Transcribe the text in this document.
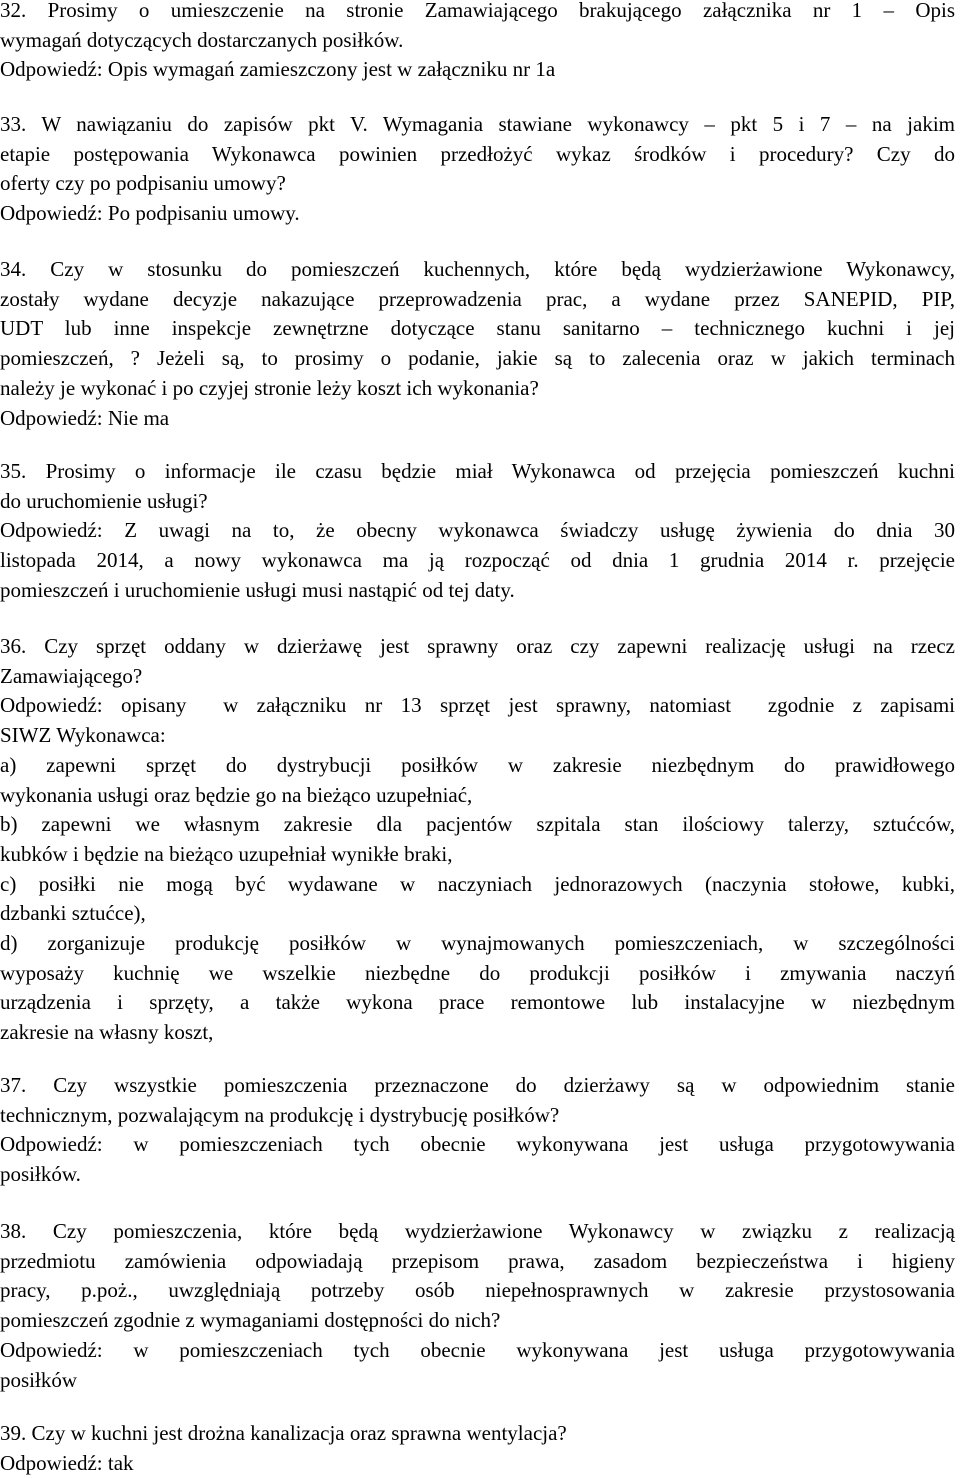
32. Prosimy o umieszczenie na stronie Zamawiającego brakującego załącznika nr 1 – Opis
wymagań dotyczących dostarczanych posiłków.
Odpowiedź: Opis wymagań zamieszczony jest w załączniku nr 1a
33. W nawiązaniu do zapisów pkt V. Wymagania stawiane wykonawcy – pkt 5 i 7 – na jakim
etapie postępowania Wykonawca powinien przedłożyć wykaz środków i procedury? Czy do
oferty czy po podpisaniu umowy?
Odpowiedź: Po podpisaniu umowy.
34. Czy w stosunku do pomieszczeń kuchennych, które będą wydzierżawione Wykonawcy,
zostały wydane decyzje nakazujące przeprowadzenia prac, a wydane przez SANEPID, PIP,
UDT lub inne inspekcje zewnętrzne dotyczące stanu sanitarno – technicznego kuchni i jej
pomieszczeń, ? Jeżeli są, to prosimy o podanie, jakie są to zalecenia oraz w jakich terminach
należy je wykonać i po czyjej stronie leży koszt ich wykonania?
Odpowiedź: Nie ma
35. Prosimy o informacje ile czasu będzie miał Wykonawca od przejęcia pomieszczeń kuchni
do uruchomienie usługi?
Odpowiedź: Z uwagi na to, że obecny wykonawca świadczy usługę żywienia do dnia 30
listopada 2014, a nowy wykonawca ma ją rozpocząć od dnia 1 grudnia 2014 r. przejęcie
pomieszczeń i uruchomienie usługi musi nastąpić od tej daty.
36. Czy sprzęt oddany w dzierżawę jest sprawny oraz czy zapewni realizację usługi na rzecz
Zamawiającego?
Odpowiedź: opisany  w załączniku nr 13 sprzęt jest sprawny, natomiast  zgodnie z zapisami
SIWZ Wykonawca:
a) zapewni sprzęt do dystrybucji posiłków w zakresie niezbędnym do prawidłowego
wykonania usługi oraz będzie go na bieżąco uzupełniać,
b) zapewni we własnym zakresie dla pacjentów szpitala stan ilościowy talerzy, sztućców,
kubków i będzie na bieżąco uzupełniał wynikłe braki,
c) posiłki nie mogą być wydawane w naczyniach jednorazowych (naczynia stołowe, kubki,
dzbanki sztućce),
d) zorganizuje produkcję posiłków w wynajmowanych pomieszczeniach, w szczególności
wyposaży kuchnię we wszelkie niezbędne do produkcji posiłków i zmywania naczyń
urządzenia i sprzęty, a także wykona prace remontowe lub instalacyjne w niezbędnym
zakresie na własny koszt,
37. Czy wszystkie pomieszczenia przeznaczone do dzierżawy są w odpowiednim stanie
technicznym, pozwalającym na produkcję i dystrybucję posiłków?
Odpowiedź: w pomieszczeniach tych obecnie wykonywana jest usługa przygotowywania
posiłków.
38. Czy pomieszczenia, które będą wydzierżawione Wykonawcy w związku z realizacją
przedmiotu zamówienia odpowiadają przepisom prawa, zasadom bezpieczeństwa i higieny
pracy, p.poż., uwzględniają potrzeby osób niepełnosprawnych w zakresie przystosowania
pomieszczeń zgodnie z wymaganiami dostępności do nich?
Odpowiedź: w pomieszczeniach tych obecnie wykonywana jest usługa przygotowywania
posiłków
39. Czy w kuchni jest drożna kanalizacja oraz sprawna wentylacja?
Odpowiedź: tak
